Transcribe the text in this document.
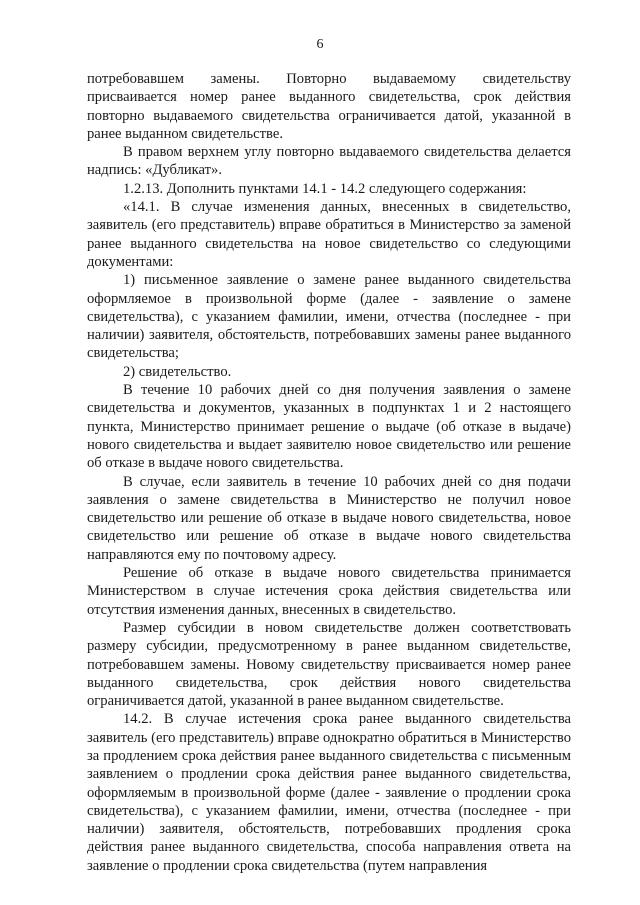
6

потребовавшем замены. Повторно выдаваемому свидетельству присваивается номер ранее выданного свидетельства, срок действия повторно выдаваемого свидетельства ограничивается датой, указанной в ранее выданном свидетельстве.

В правом верхнем углу повторно выдаваемого свидетельства делается надпись: «Дубликат».

1.2.13. Дополнить пунктами 14.1 - 14.2 следующего содержания:

«14.1. В случае изменения данных, внесенных в свидетельство, заявитель (его представитель) вправе обратиться в Министерство за заменой ранее выданного свидетельства на новое свидетельство со следующими документами:

1) письменное заявление о замене ранее выданного свидетельства оформляемое в произвольной форме (далее - заявление о замене свидетельства), с указанием фамилии, имени, отчества (последнее - при наличии) заявителя, обстоятельств, потребовавших замены ранее выданного свидетельства;

2) свидетельство.

В течение 10 рабочих дней со дня получения заявления о замене свидетельства и документов, указанных в подпунктах 1 и 2 настоящего пункта, Министерство принимает решение о выдаче (об отказе в выдаче) нового свидетельства и выдает заявителю новое свидетельство или решение об отказе в выдаче нового свидетельства.

В случае, если заявитель в течение 10 рабочих дней со дня подачи заявления о замене свидетельства в Министерство не получил новое свидетельство или решение об отказе в выдаче нового свидетельства, новое свидетельство или решение об отказе в выдаче нового свидетельства направляются ему по почтовому адресу.

Решение об отказе в выдаче нового свидетельства принимается Министерством в случае истечения срока действия свидетельства или отсутствия изменения данных, внесенных в свидетельство.

Размер субсидии в новом свидетельстве должен соответствовать размеру субсидии, предусмотренному в ранее выданном свидетельстве, потребовавшем замены. Новому свидетельству присваивается номер ранее выданного свидетельства, срок действия нового свидетельства ограничивается датой, указанной в ранее выданном свидетельстве.

14.2. В случае истечения срока ранее выданного свидетельства заявитель (его представитель) вправе однократно обратиться в Министерство за продлением срока действия ранее выданного свидетельства с письменным заявлением о продлении срока действия ранее выданного свидетельства, оформляемым в произвольной форме (далее - заявление о продлении срока свидетельства), с указанием фамилии, имени, отчества (последнее - при наличии) заявителя, обстоятельств, потребовавших продления срока действия ранее выданного свидетельства, способа направления ответа на заявление о продлении срока свидетельства (путем направления
